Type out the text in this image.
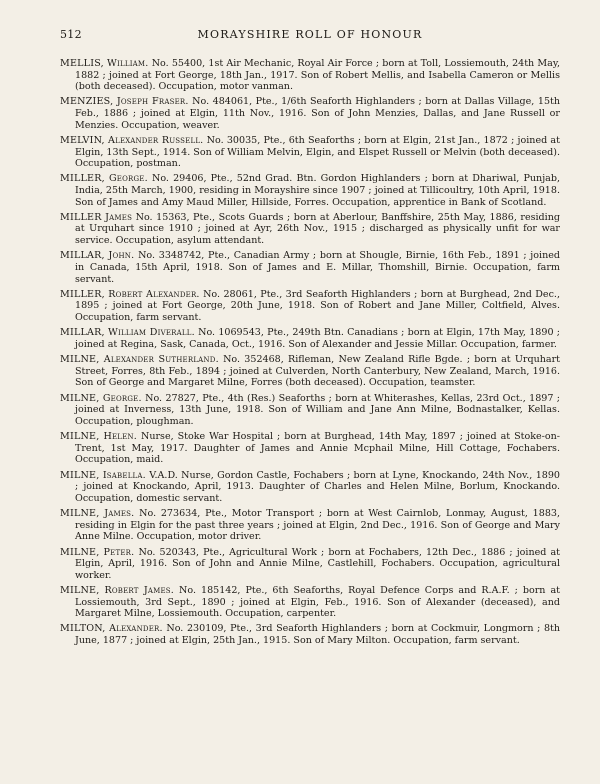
512	MORAYSHIRE ROLL OF HONOUR

MELLIS, William. No. 55400, 1st Air Mechanic, Royal Air Force ; born at Toll, Lossiemouth, 24th May, 1882 ; joined at Fort George, 18th Jan., 1917. Son of Robert Mellis, and Isabella Cameron or Mellis (both deceased). Occupation, motor vanman.

MENZIES, Joseph Fraser. No. 484061, Pte., 1/6th Seaforth Highlanders ; born at Dallas Village, 15th Feb., 1886 ; joined at Elgin, 11th Nov., 1916. Son of John Menzies, Dallas, and Jane Russell or Menzies. Occupation, weaver.

MELVIN, Alexander Russell. No. 30035, Pte., 6th Seaforths ; born at Elgin, 21st Jan., 1872 ; joined at Elgin, 13th Sept., 1914. Son of William Melvin, Elgin, and Elspet Russell or Melvin (both deceased). Occupation, postman.

MILLER, George. No. 29406, Pte., 52nd Grad. Btn. Gordon Highlanders ; born at Dhariwal, Punjab, India, 25th March, 1900, residing in Morayshire since 1907 ; joined at Tillicoultry, 10th April, 1918. Son of James and Amy Maud Miller, Hillside, Forres. Occupation, apprentice in Bank of Scotland.

MILLER James No. 15363, Pte., Scots Guards ; born at Aberlour, Banffshire, 25th May, 1886, residing at Urquhart since 1910 ; joined at Ayr, 26th Nov., 1915 ; discharged as physically unfit for war service. Occupation, asylum attendant.

MILLAR, John. No. 3348742, Pte., Canadian Army ; born at Shougle, Birnie, 16th Feb., 1891 ; joined in Canada, 15th April, 1918. Son of James and E. Millar, Thomshill, Birnie. Occupation, farm servant.

MILLER, Robert Alexander. No. 28061, Pte., 3rd Seaforth Highlanders ; born at Burghead, 2nd Dec., 1895 ; joined at Fort George, 20th June, 1918. Son of Robert and Jane Miller, Coltfield, Alves. Occupation, farm servant.

MILLAR, William Diverall. No. 1069543, Pte., 249th Btn. Canadians ; born at Elgin, 17th May, 1890 ; joined at Regina, Sask, Canada, Oct., 1916. Son of Alexander and Jessie Millar. Occupation, farmer.

MILNE, Alexander Sutherland. No. 352468, Rifleman, New Zealand Rifle Bgde. ; born at Urquhart Street, Forres, 8th Feb., 1894 ; joined at Culverden, North Canterbury, New Zealand, March, 1916. Son of George and Margaret Milne, Forres (both deceased). Occupation, teamster.

MILNE, George. No. 27827, Pte., 4th (Res.) Seaforths ; born at Whiterashes, Kellas, 23rd Oct., 1897 ; joined at Inverness, 13th June, 1918. Son of William and Jane Ann Milne, Bodnastalker, Kellas. Occupation, ploughman.

MILNE, Helen. Nurse, Stoke War Hospital ; born at Burghead, 14th May, 1897 ; joined at Stoke-on-Trent, 1st May, 1917. Daughter of James and Annie Mcphail Milne, Hill Cottage, Fochabers. Occupation, maid.

MILNE, Isabella. V.A.D. Nurse, Gordon Castle, Fochabers ; born at Lyne, Knockando, 24th Nov., 1890 ; joined at Knockando, April, 1913. Daughter of Charles and Helen Milne, Borlum, Knockando. Occupation, domestic servant.

MILNE, James. No. 273634, Pte., Motor Transport ; born at West Cairnlob, Lonmay, August, 1883, residing in Elgin for the past three years ; joined at Elgin, 2nd Dec., 1916. Son of George and Mary Anne Milne. Occupation, motor driver.

MILNE, Peter. No. 520343, Pte., Agricultural Work ; born at Fochabers, 12th Dec., 1886 ; joined at Elgin, April, 1916. Son of John and Annie Milne, Castlehill, Fochabers. Occupation, agricultural worker.

MILNE, Robert James. No. 185142, Pte., 6th Seaforths, Royal Defence Corps and R.A.F. ; born at Lossiemouth, 3rd Sept., 1890 ; joined at Elgin, Feb., 1916. Son of Alexander (deceased), and Margaret Milne, Lossiemouth. Occupation, carpenter.

MILTON, Alexander. No. 230109, Pte., 3rd Seaforth Highlanders ; born at Cockmuir, Longmorn ; 8th June, 1877 ; joined at Elgin, 25th Jan., 1915. Son of Mary Milton. Occupation, farm servant.
